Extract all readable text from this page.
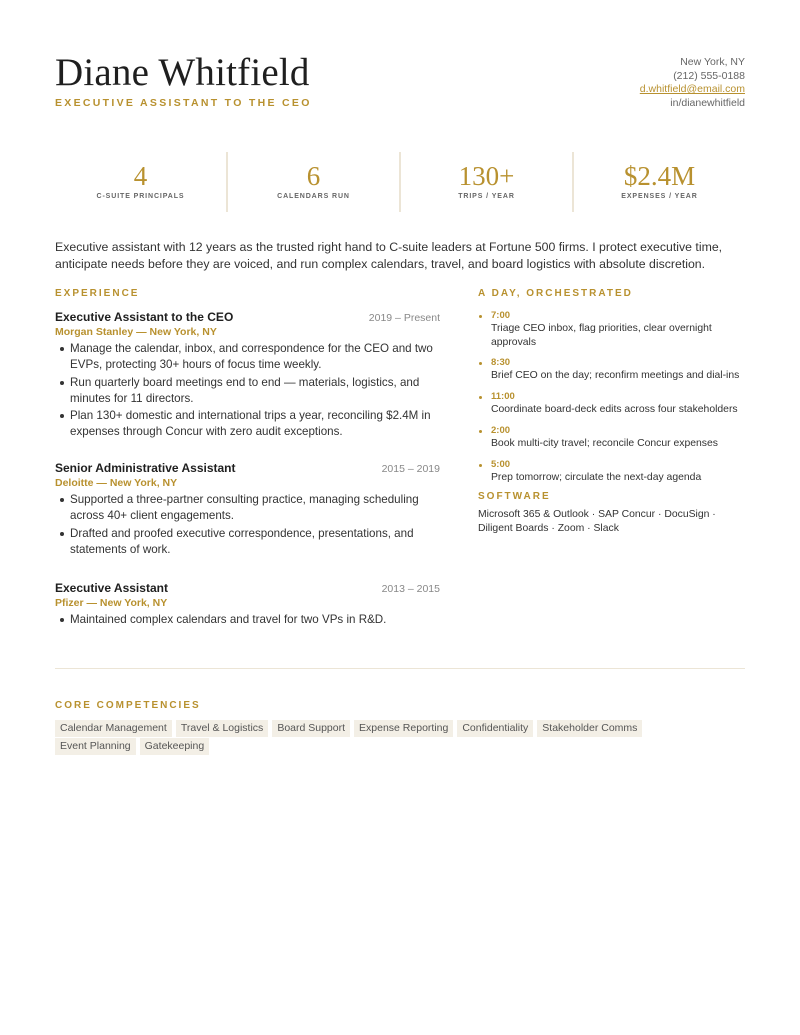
Diane Whitfield
EXECUTIVE ASSISTANT TO THE CEO
New York, NY
(212) 555-0188
d.whitfield@email.com
in/dianewhitfield
4
C-SUITE PRINCIPALS
6
CALENDARS RUN
130+
TRIPS / YEAR
$2.4M
EXPENSES / YEAR

Executive assistant with 12 years as the trusted right hand to C-suite leaders at Fortune 500 firms. I protect executive time, anticipate needs before they are voiced, and run complex calendars, travel, and board logistics with absolute discretion.

EXPERIENCE
Executive Assistant to the CEO	2019 – Present
Morgan Stanley — New York, NY
Manage the calendar, inbox, and correspondence for the CEO and two EVPs, protecting 30+ hours of focus time weekly.
Run quarterly board meetings end to end — materials, logistics, and minutes for 11 directors.
Plan 130+ domestic and international trips a year, reconciling $2.4M in expenses through Concur with zero audit exceptions.
Senior Administrative Assistant	2015 – 2019
Deloitte — New York, NY
Supported a three-partner consulting practice, managing scheduling across 40+ client engagements.
Drafted and proofed executive correspondence, presentations, and statements of work.
Executive Assistant	2013 – 2015
Pfizer — New York, NY
Maintained complex calendars and travel for two VPs in R&D.
A DAY, ORCHESTRATED
7:00
Triage CEO inbox, flag priorities, clear overnight approvals
8:30
Brief CEO on the day; reconfirm meetings and dial-ins
11:00
Coordinate board-deck edits across four stakeholders
2:00
Book multi-city travel; reconcile Concur expenses
5:00
Prep tomorrow; circulate the next-day agenda
SOFTWARE
Microsoft 365 & Outlook · SAP Concur · DocuSign · Diligent Boards · Zoom · Slack
CORE COMPETENCIES
Calendar Management	Travel & Logistics	Board Support	Expense Reporting	Confidentiality	Stakeholder Comms
Event Planning	Gatekeeping
